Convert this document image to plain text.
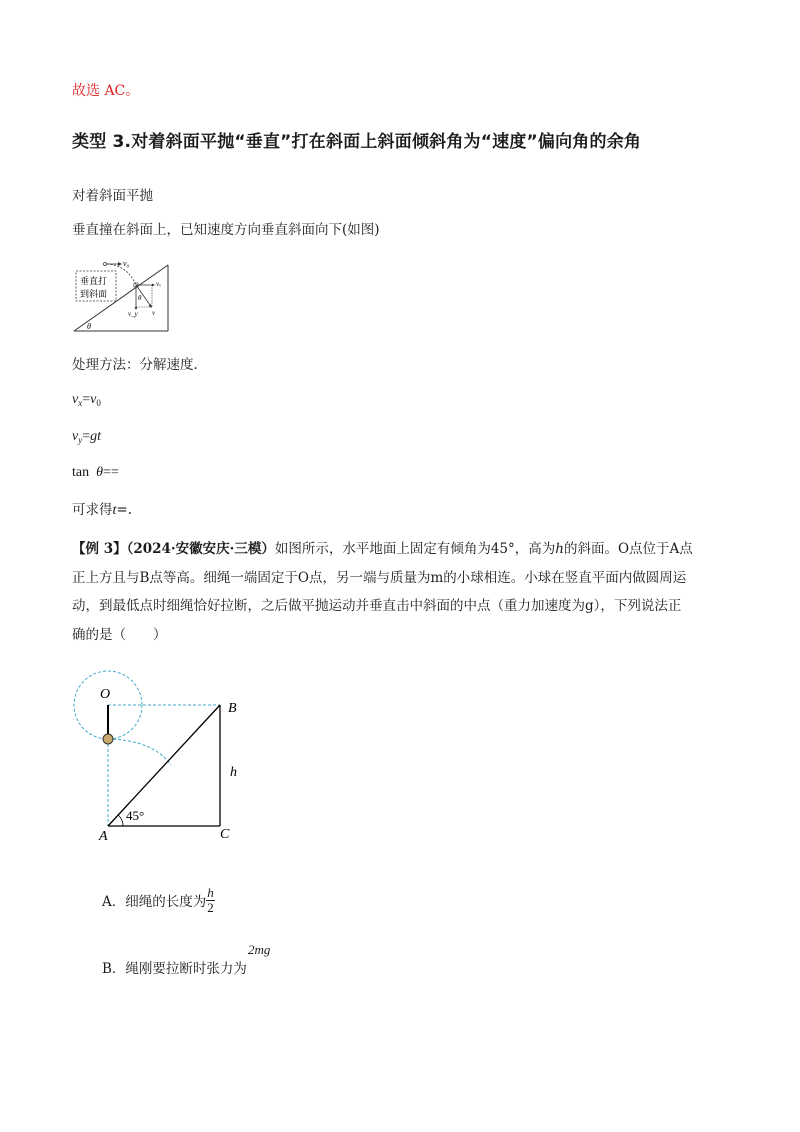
故选 AC。
类型 3.对着斜面平抛“垂直”打在斜面上斜面倾斜角为“速度”偏向角的余角
对着斜面平抛
垂直撞在斜面上，已知速度方向垂直斜面向下(如图)
垂直打
到斜面
v₀
vₓ
v_y v
θ
θ
处理方法：分解速度.
$v_x=v_0$
$v_y=gt$
tan θ==
可求得t=.
【例 3】（2024·安徽安庆·三模）如图所示，水平地面上固定有倾角为45°，高为ℎ的斜面。O点位于A点
正上方且与B点等高。细绳一端固定于O点，另一端与质量为m的小球相连。小球在竖直平面内做圆周运
动，到最低点时细绳恰好拉断，之后做平抛运动并垂直击中斜面的中点（重力加速度为g），下列说法正
确的是（　　）
O
B
A	C
h
45°
A．细绳的长度为 $\frac{h}{2}$
B．绳刚要拉断时张力为
2mg
